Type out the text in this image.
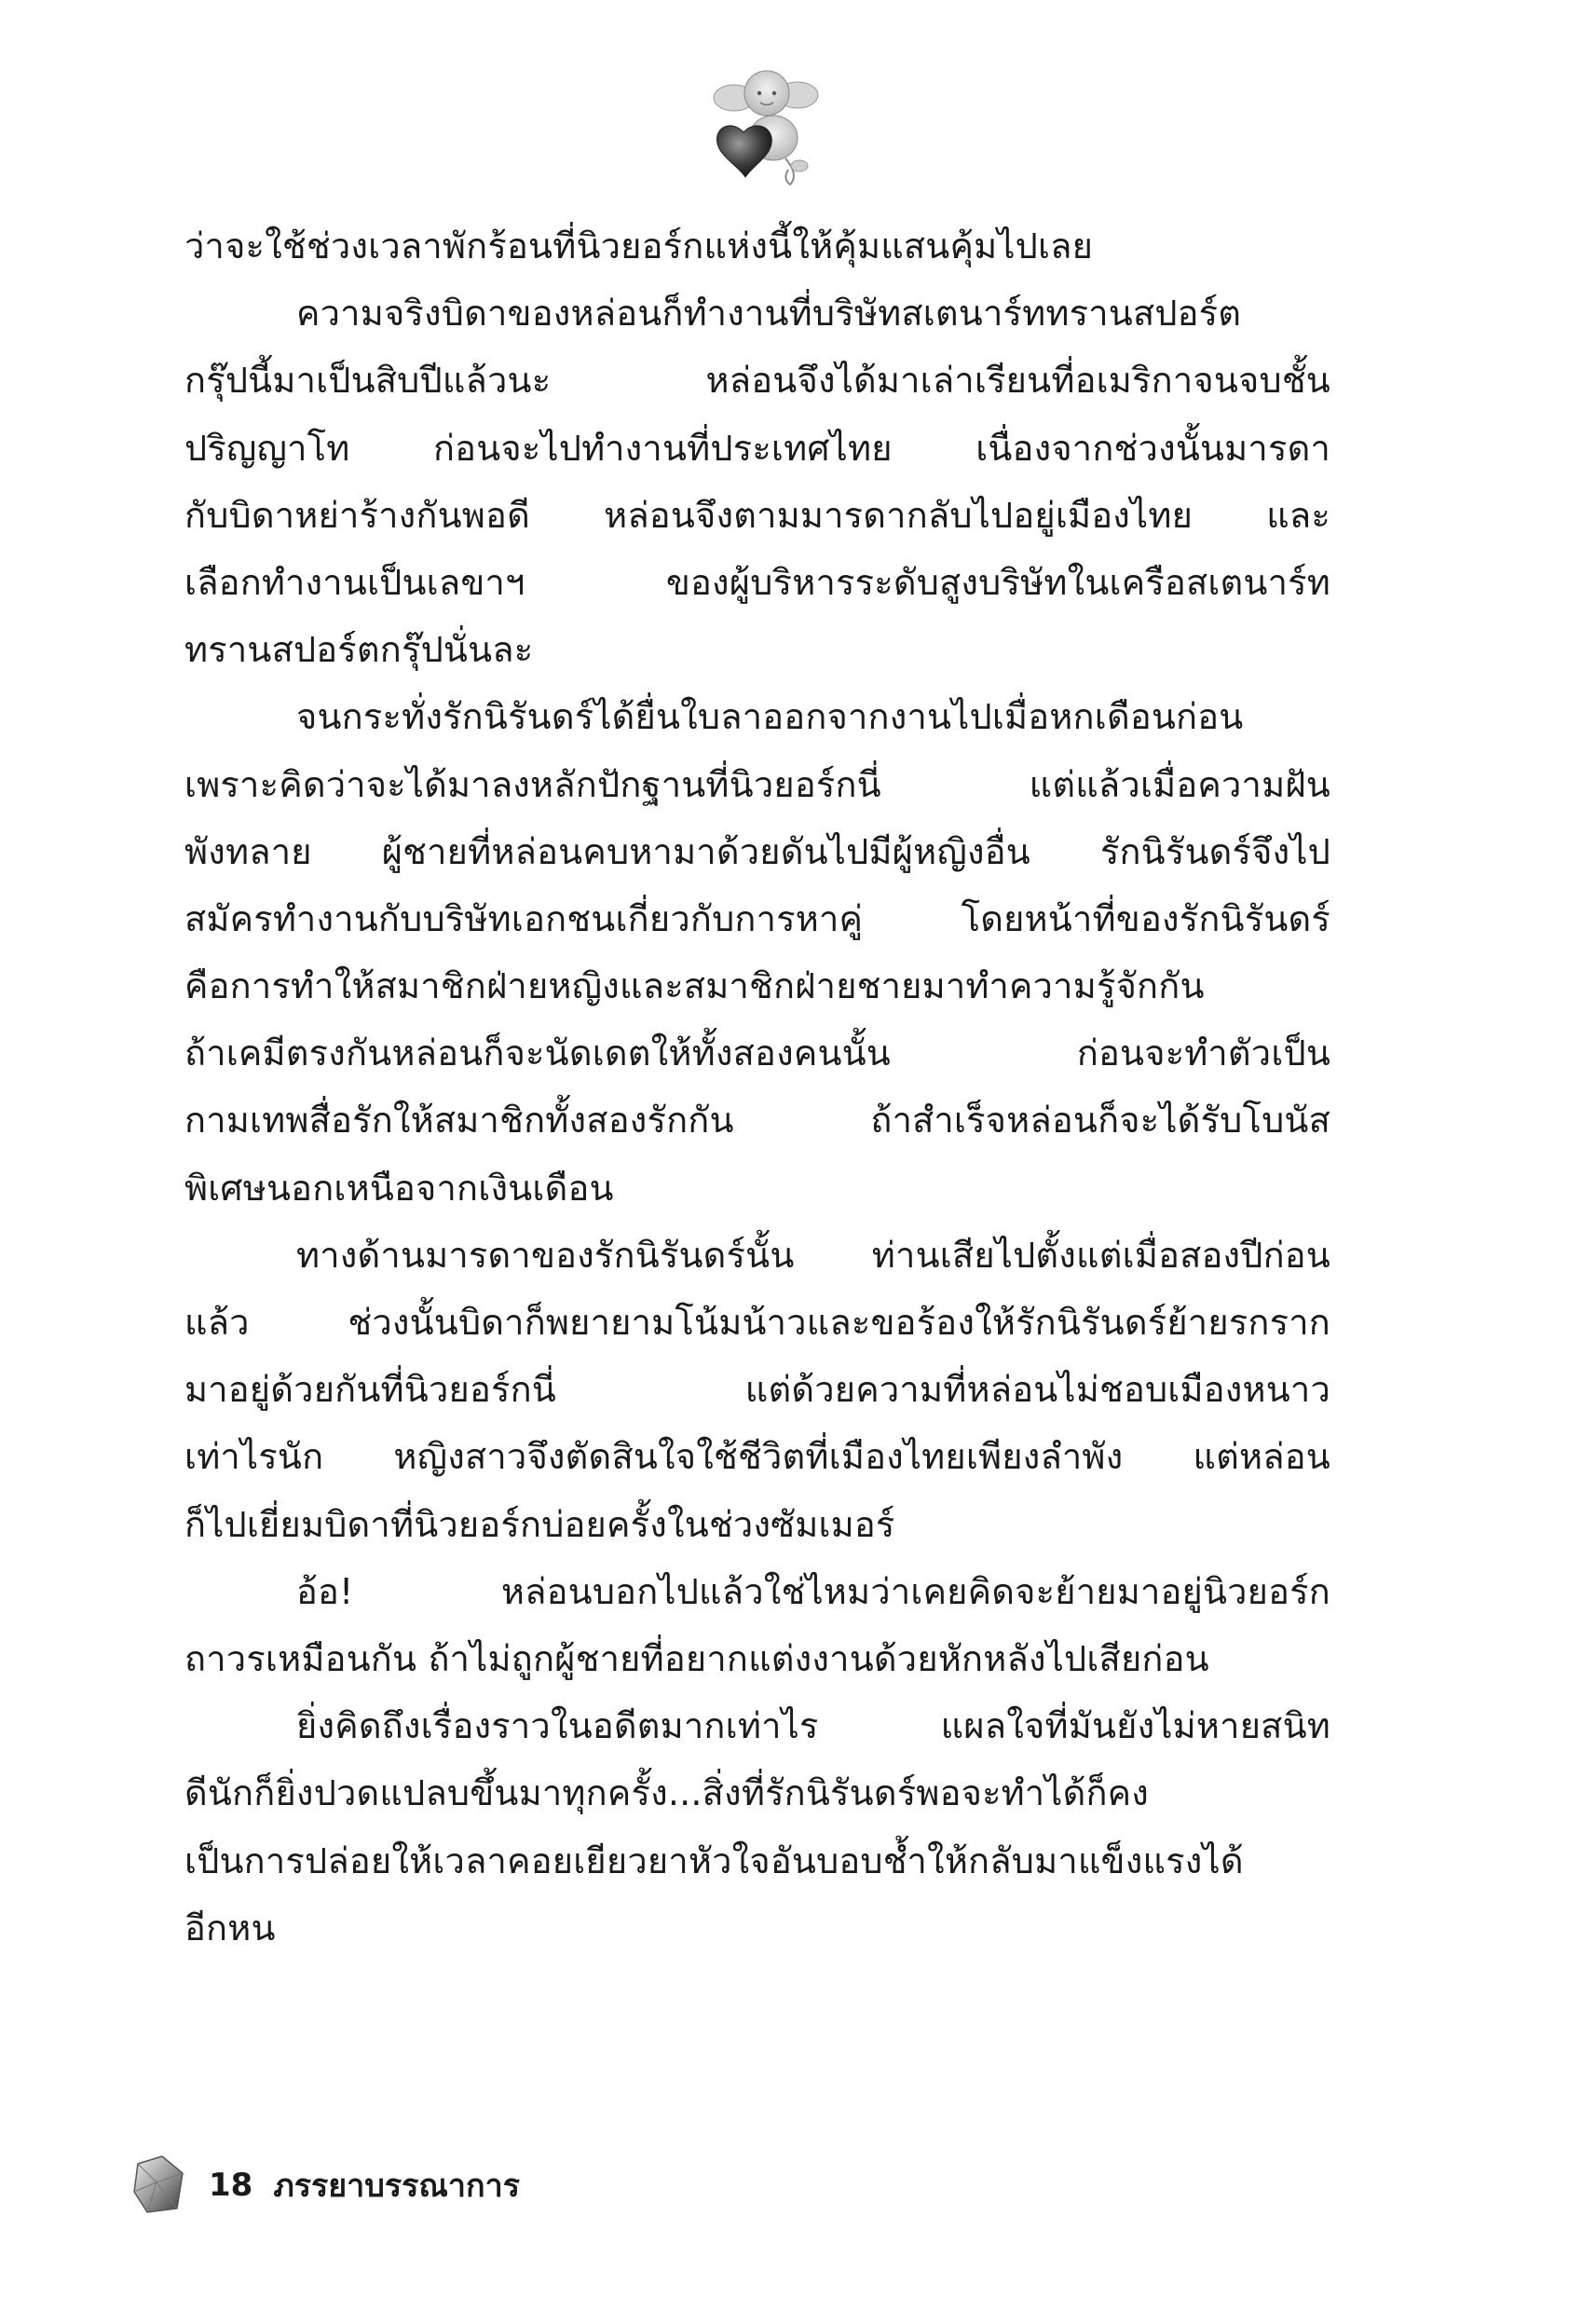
ว่าจะใช้ช่วงเวลาพักร้อนที่นิวยอร์กแห่งนี้ให้คุ้มแสนคุ้มไปเลย
ความจริงบิดาของหล่อนก็ทำงานที่บริษัทสเตนาร์ททรานสปอร์ต
กรุ๊ปนี้มาเป็นสิบปีแล้วนะ หล่อนจึงได้มาเล่าเรียนที่อเมริกาจนจบชั้น
ปริญญาโท ก่อนจะไปทำงานที่ประเทศไทย เนื่องจากช่วงนั้นมารดา
กับบิดาหย่าร้างกันพอดี หล่อนจึงตามมารดากลับไปอยู่เมืองไทย และ
เลือกทำงานเป็นเลขาฯ ของผู้บริหารระดับสูงบริษัทในเครือสเตนาร์ท
ทรานสปอร์ตกรุ๊ปนั่นละ
จนกระทั่งรักนิรันดร์ได้ยื่นใบลาออกจากงานไปเมื่อหกเดือนก่อน
เพราะคิดว่าจะได้มาลงหลักปักฐานที่นิวยอร์กนี่ แต่แล้วเมื่อความฝัน
พังทลาย ผู้ชายที่หล่อนคบหามาด้วยดันไปมีผู้หญิงอื่น รักนิรันดร์จึงไป
สมัครทำงานกับบริษัทเอกชนเกี่ยวกับการหาคู่ โดยหน้าที่ของรักนิรันดร์
คือการทำให้สมาชิกฝ่ายหญิงและสมาชิกฝ่ายชายมาทำความรู้จักกัน
ถ้าเคมีตรงกันหล่อนก็จะนัดเดตให้ทั้งสองคนนั้น ก่อนจะทำตัวเป็น
กามเทพสื่อรักให้สมาชิกทั้งสองรักกัน ถ้าสำเร็จหล่อนก็จะได้รับโบนัส
พิเศษนอกเหนือจากเงินเดือน
ทางด้านมารดาของรักนิรันดร์นั้น ท่านเสียไปตั้งแต่เมื่อสองปีก่อน
แล้ว ช่วงนั้นบิดาก็พยายามโน้มน้าวและขอร้องให้รักนิรันดร์ย้ายรกราก
มาอยู่ด้วยกันที่นิวยอร์กนี่ แต่ด้วยความที่หล่อนไม่ชอบเมืองหนาว
เท่าไรนัก หญิงสาวจึงตัดสินใจใช้ชีวิตที่เมืองไทยเพียงลำพัง แต่หล่อน
ก็ไปเยี่ยมบิดาที่นิวยอร์กบ่อยครั้งในช่วงซัมเมอร์
อ้อ! หล่อนบอกไปแล้วใช่ไหมว่าเคยคิดจะย้ายมาอยู่นิวยอร์ก
ถาวรเหมือนกัน ถ้าไม่ถูกผู้ชายที่อยากแต่งงานด้วยหักหลังไปเสียก่อน
ยิ่งคิดถึงเรื่องราวในอดีตมากเท่าไร แผลใจที่มันยังไม่หายสนิท
ดีนักก็ยิ่งปวดแปลบขึ้นมาทุกครั้ง...สิ่งที่รักนิรันดร์พอจะทำได้ก็คง
เป็นการปล่อยให้เวลาคอยเยียวยาหัวใจอันบอบช้ำให้กลับมาแข็งแรงได้
อีกหน
18 ภรรยาบรรณาการ
